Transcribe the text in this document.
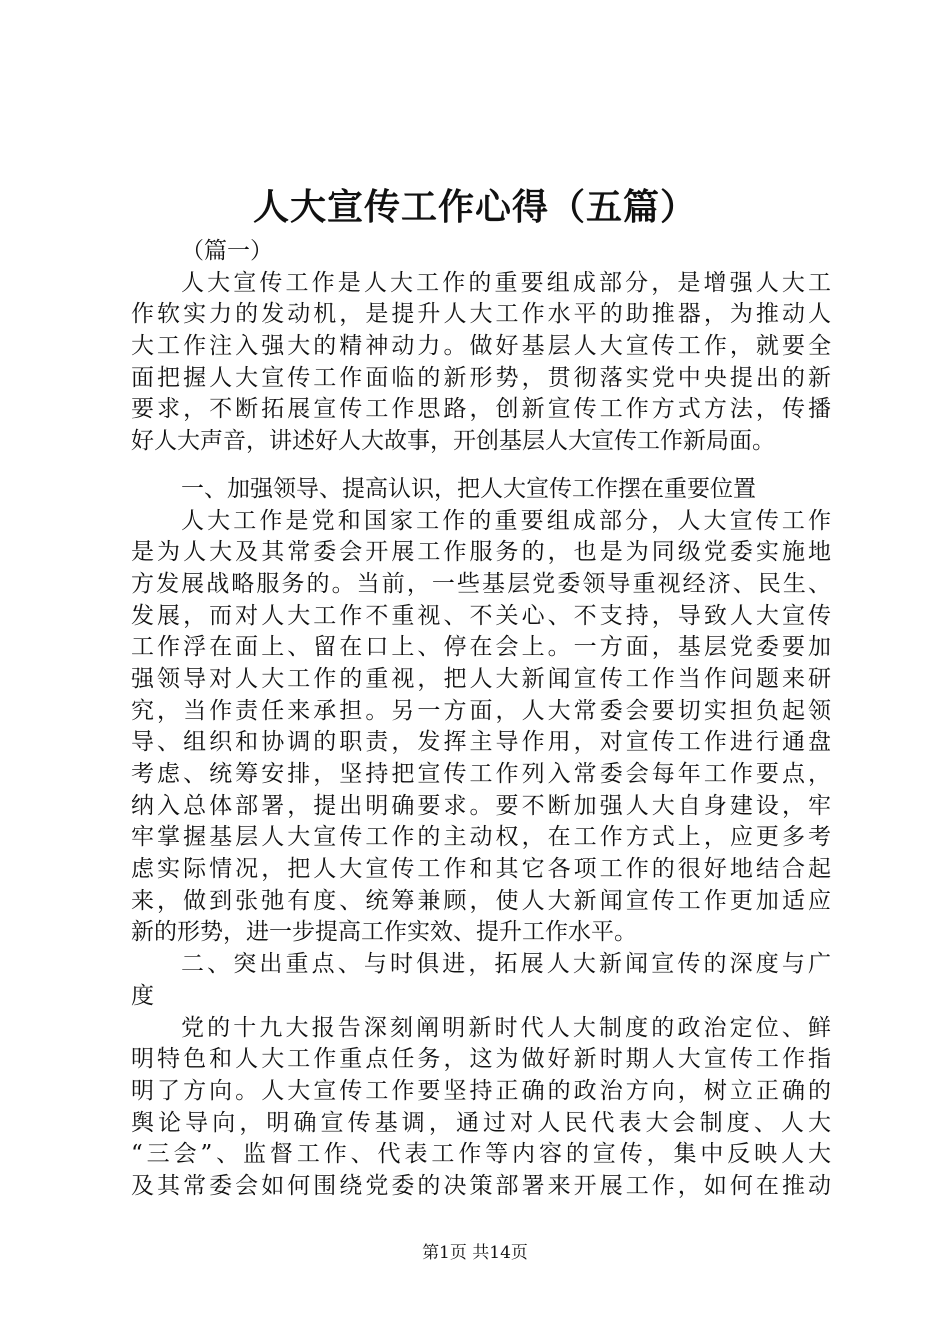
人大宣传工作心得（五篇）
（篇一）
人大宣传工作是人大工作的重要组成部分，是增强人大工
作软实力的发动机，是提升人大工作水平的助推器，为推动人
大工作注入强大的精神动力。做好基层人大宣传工作，就要全
面把握人大宣传工作面临的新形势，贯彻落实党中央提出的新
要求，不断拓展宣传工作思路，创新宣传工作方式方法，传播
好人大声音，讲述好人大故事，开创基层人大宣传工作新局面。
一、加强领导、提高认识，把人大宣传工作摆在重要位置
人大工作是党和国家工作的重要组成部分，人大宣传工作
是为人大及其常委会开展工作服务的，也是为同级党委实施地
方发展战略服务的。当前，一些基层党委领导重视经济、民生、
发展，而对人大工作不重视、不关心、不支持，导致人大宣传
工作浮在面上、留在口上、停在会上。一方面，基层党委要加
强领导对人大工作的重视，把人大新闻宣传工作当作问题来研
究，当作责任来承担。另一方面，人大常委会要切实担负起领
导、组织和协调的职责，发挥主导作用，对宣传工作进行通盘
考虑、统筹安排，坚持把宣传工作列入常委会每年工作要点，
纳入总体部署，提出明确要求。要不断加强人大自身建设，牢
牢掌握基层人大宣传工作的主动权，在工作方式上，应更多考
虑实际情况，把人大宣传工作和其它各项工作的很好地结合起
来，做到张弛有度、统筹兼顾，使人大新闻宣传工作更加适应
新的形势，进一步提高工作实效、提升工作水平。
二、突出重点、与时俱进，拓展人大新闻宣传的深度与广
度
党的十九大报告深刻阐明新时代人大制度的政治定位、鲜
明特色和人大工作重点任务，这为做好新时期人大宣传工作指
明了方向。人大宣传工作要坚持正确的政治方向，树立正确的
舆论导向，明确宣传基调，通过对人民代表大会制度、人大
“三会”、监督工作、代表工作等内容的宣传，集中反映人大
及其常委会如何围绕党委的决策部署来开展工作，如何在推动
第1页 共14页
